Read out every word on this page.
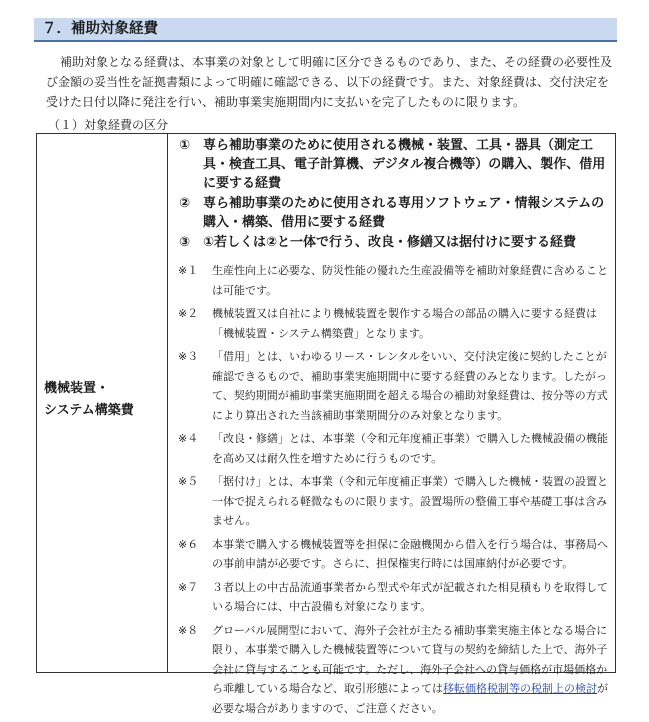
７．補助対象経費

補助対象となる経費は、本事業の対象として明確に区分できるものであり、また、その経費の必要性及び金額の妥当性を証拠書類によって明確に確認できる、以下の経費です。また、対象経費は、交付決定を受けた日付以降に発注を行い、補助事業実施期間内に支払いを完了したものに限ります。

（１）対象経費の区分
機械装置・
システム構築費
① 専ら補助事業のために使用される機械・装置、工具・器具（測定工具・検査工具、電子計算機、デジタル複合機等）の購入、製作、借用に要する経費
② 専ら補助事業のために使用される専用ソフトウェア・情報システムの購入・構築、借用に要する経費
③ ①若しくは②と一体で行う、改良・修繕又は据付けに要する経費
※１	生産性向上に必要な、防災性能の優れた生産設備等を補助対象経費に含めることは可能です。
※２	機械装置又は自社により機械装置を製作する場合の部品の購入に要する経費は「機械装置・システム構築費」となります。
※３	「借用」とは、いわゆるリース・レンタルをいい、交付決定後に契約したことが確認できるもので、補助事業実施期間中に要する経費のみとなります。したがって、契約期間が補助事業実施期間を超える場合の補助対象経費は、按分等の方式により算出された当該補助事業期間分のみ対象となります。
※４	「改良・修繕」とは、本事業（令和元年度補正事業）で購入した機械設備の機能を高め又は耐久性を増すために行うものです。
※５	「据付け」とは、本事業（令和元年度補正事業）で購入した機械・装置の設置と一体で捉えられる軽微なものに限ります。設置場所の整備工事や基礎工事は含みません。
※６	本事業で購入する機械装置等を担保に金融機関から借入を行う場合は、事務局への事前申請が必要です。さらに、担保権実行時には国庫納付が必要です。
※７	３者以上の中古品流通事業者から型式や年式が記載された相見積もりを取得している場合には、中古設備も対象になります。
※８	グローバル展開型において、海外子会社が主たる補助事業実施主体となる場合に限り、本事業で購入した機械装置等について貸与の契約を締結した上で、海外子会社に貸与することも可能です。ただし、海外子会社への貸与価格が市場価格から乖離している場合など、取引形態によっては移転価格税制等の税制上の検討が必要な場合がありますので、ご注意ください。
